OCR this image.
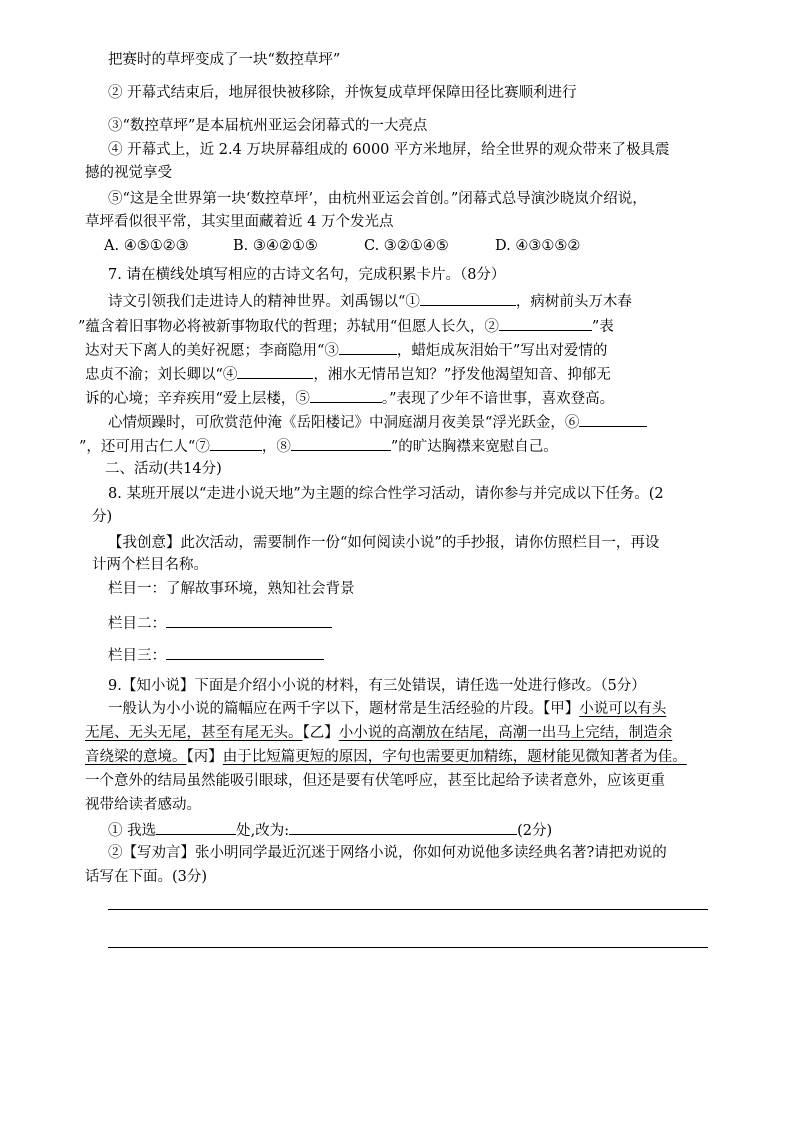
把赛时的草坪变成了一块“数控草坪”
② 开幕式结束后，地屏很快被移除，并恢复成草坪保障田径比赛顺利进行
③“数控草坪”是本届杭州亚运会闭幕式的一大亮点
④ 开幕式上，近 2.4 万块屏幕组成的 6000 平方米地屏，给全世界的观众带来了极具震
撼的视觉享受
⑤“这是全世界第一块‘数控草坪’，由杭州亚运会首创。”闭幕式总导演沙晓岚介绍说，
草坪看似很平常，其实里面藏着近 4 万个发光点
A. ④⑤①②③	B. ③④②①⑤	C. ③②①④⑤	D. ④③①⑤②
7. 请在横线处填写相应的古诗文名句，完成积累卡片。（8分）
诗文引领我们走进诗人的精神世界。刘禹锡以“①	，病树前头万木春
”蕴含着旧事物必将被新事物取代的哲理；苏轼用“但愿人长久，②	”表
达对天下离人的美好祝愿；李商隐用“③	，蜡炬成灰泪始干”写出对爱情的
忠贞不渝；刘长卿以“④	，湘水无情吊岂知？”抒发他渴望知音、抑郁无
诉的心境；辛弃疾用“爱上层楼，⑤	。”表现了少年不谙世事，喜欢登高。
心情烦躁时，可欣赏范仲淹《岳阳楼记》中洞庭湖月夜美景“浮光跃金，⑥
”，还可用古仁人“⑦	，⑧	”的旷达胸襟来宽慰自己。
二、活动(共14分)
8. 某班开展以“走进小说天地”为主题的综合性学习活动，请你参与并完成以下任务。(2
分)
【我创意】此次活动，需要制作一份“如何阅读小说”的手抄报，请你仿照栏目一，再设
计两个栏目名称。
栏目一：了解故事环境，熟知社会背景
栏目二：
栏目三：
9.【知小说】下面是介绍小小说的材料，有三处错误，请任选一处进行修改。（5分）
一般认为小小说的篇幅应在两千字以下，题材常是生活经验的片段。【甲】小说可以有头
无尾、无头无尾，甚至有尾无头。【乙】小小说的高潮放在结尾，高潮一出马上完结，制造余
音绕梁的意境。【丙】由于比短篇更短的原因，字句也需要更加精练，题材能见微知著者为佳。
一个意外的结局虽然能吸引眼球，但还是要有伏笔呼应，甚至比起给予读者意外，应该更重
视带给读者感动。
① 我选	处,改为:	(2分)
②【写劝言】张小明同学最近沉迷于网络小说，你如何劝说他多读经典名著?请把劝说的
话写在下面。(3分)
